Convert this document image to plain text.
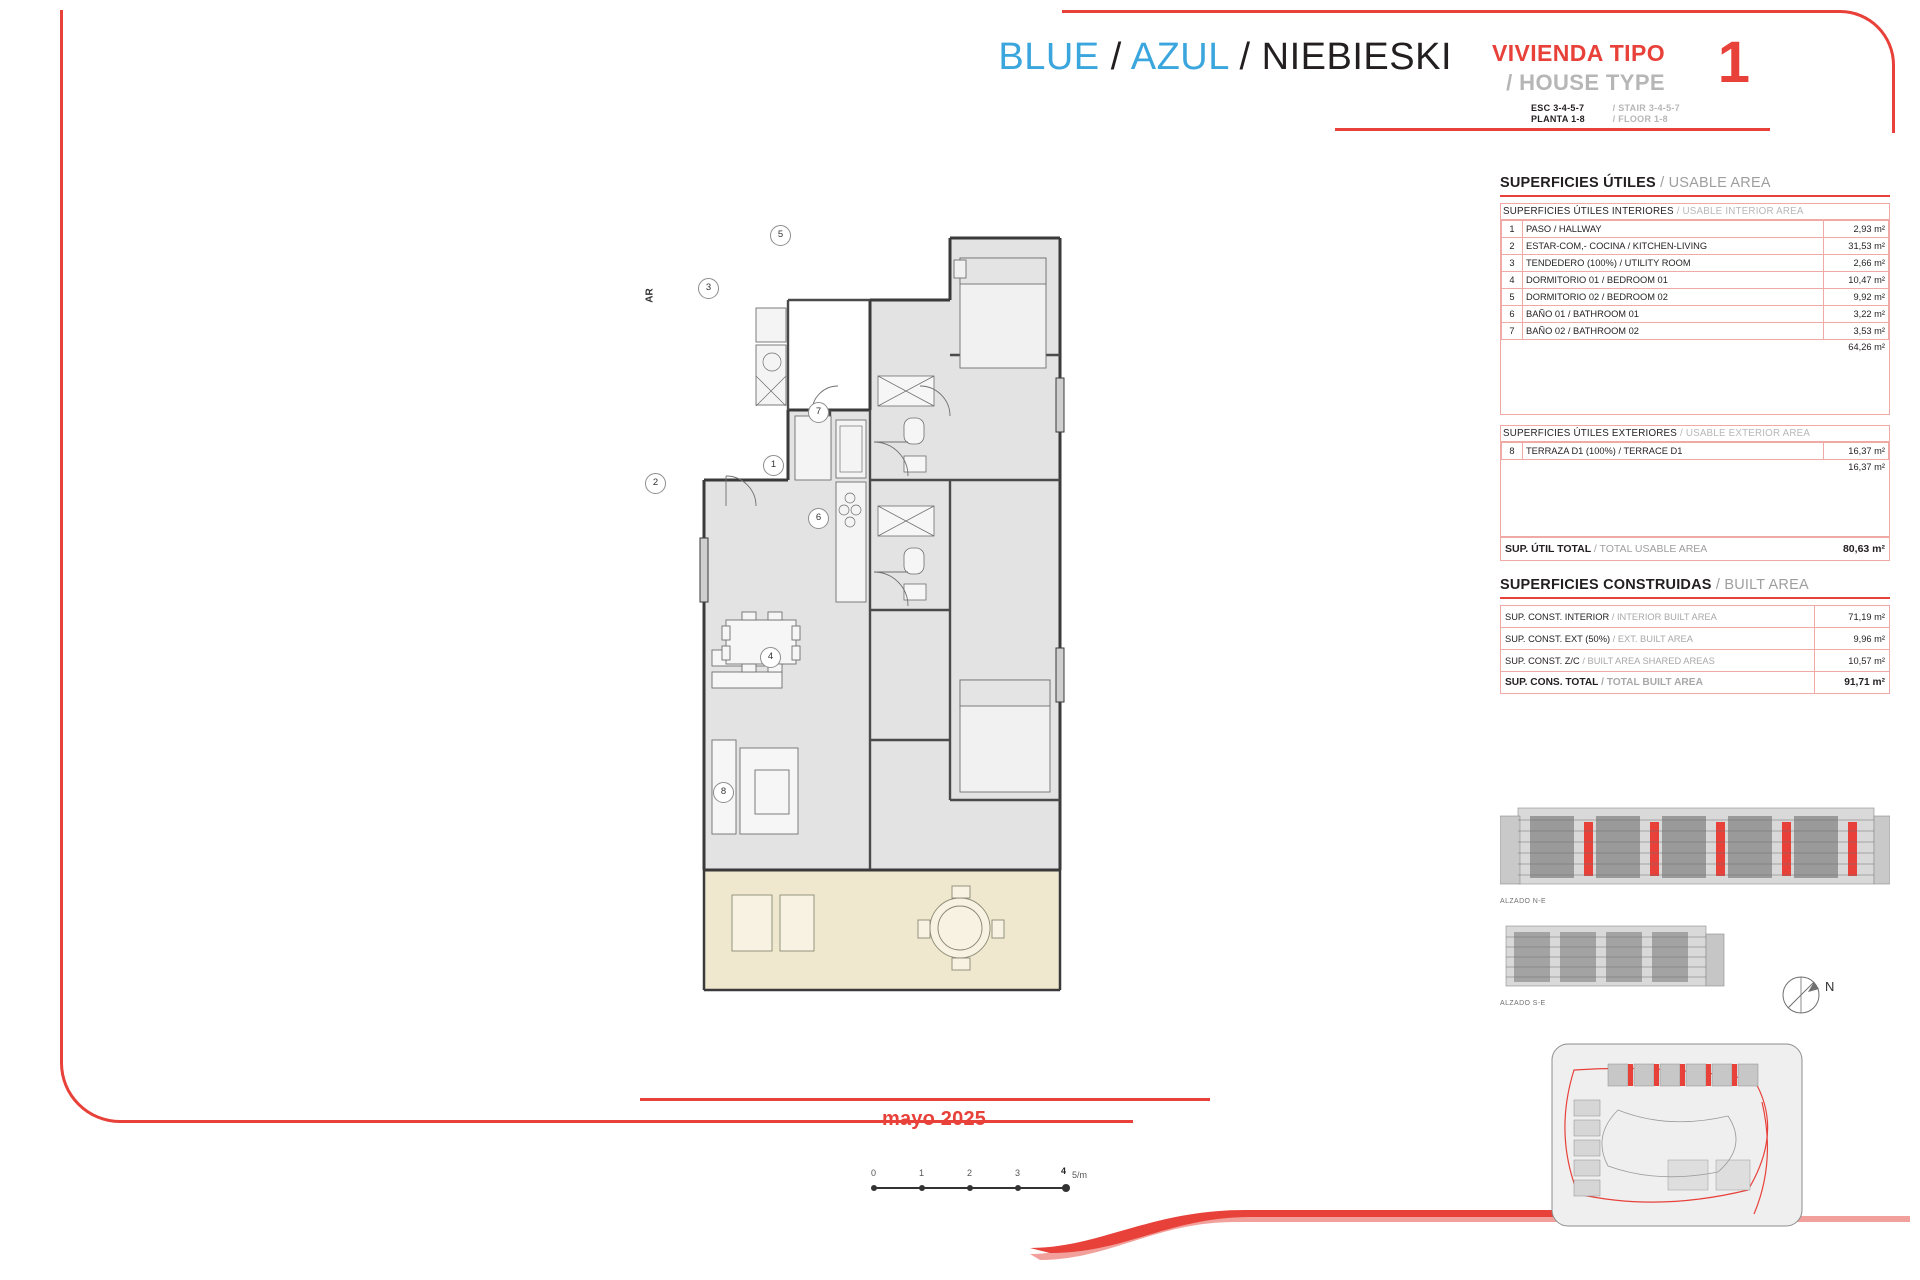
BLUE / AZUL / NIEBIESKI VIVIENDA TIPO
/ HOUSE TYPE 1
ESC 3-4-5-7
PLANTA 1-8
/ STAIR 3-4-5-7
/ FLOOR 1-8
SUPERFICIES ÚTILES / USABLE AREA
SUPERFICIES ÚTILES INTERIORES / USABLE INTERIOR AREA
1	PASO / HALLWAY	2,93 m²
2	ESTAR-COM,- COCINA / KITCHEN-LIVING	31,53 m²
3	TENDEDERO (100%) / UTILITY ROOM	2,66 m²
4	DORMITORIO 01 / BEDROOM 01	10,47 m²
5	DORMITORIO 02 / BEDROOM 02	9,92 m²
6	BAÑO 01 / BATHROOM 01	3,22 m²
7	BAÑO 02 / BATHROOM 02	3,53 m²
64,26 m²
SUPERFICIES ÚTILES EXTERIORES / USABLE EXTERIOR AREA
8	TERRAZA D1 (100%) / TERRACE D1	16,37 m²
16,37 m²
SUP. ÚTIL TOTAL / TOTAL USABLE AREA	80,63 m²
SUPERFICIES CONSTRUIDAS / BUILT AREA
SUP. CONST. INTERIOR / INTERIOR BUILT AREA	71,19 m²
SUP. CONST. EXT (50%) / EXT. BUILT AREA	9,96 m²
SUP. CONST. Z/C / BUILT AREA SHARED AREAS	10,57 m²
SUP. CONS. TOTAL / TOTAL BUILT AREA	91,71 m²
ALZADO N-E
ALZADO S-E
N
1
2
3
4
5
6
7
8
AR
mayo 2025
0	1	2	3	4 5/m
